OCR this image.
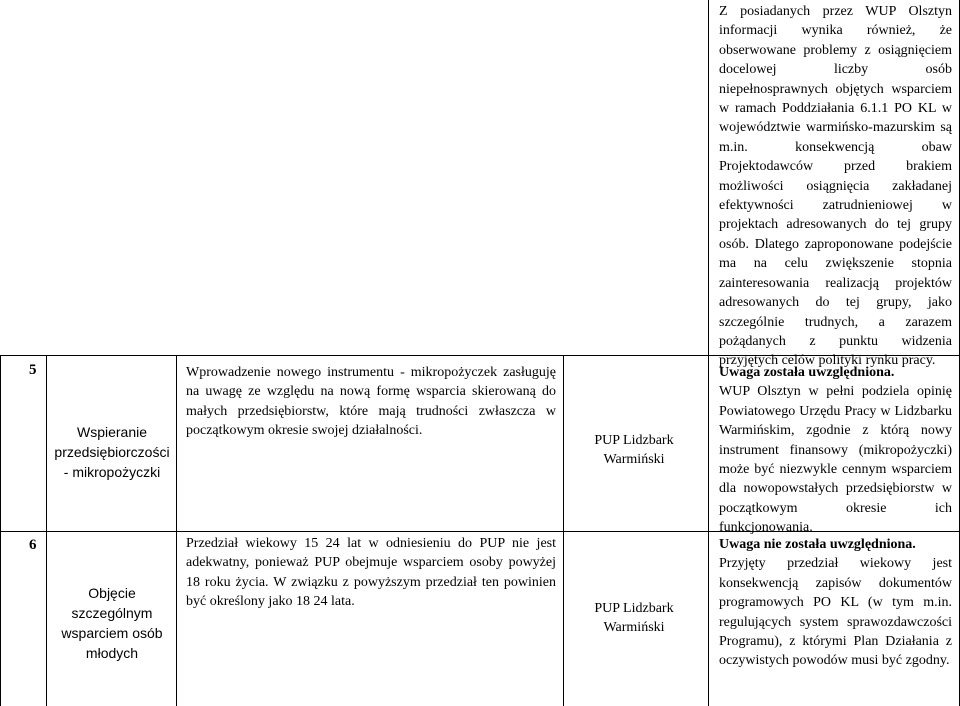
Z posiadanych przez WUP Olsztyn informacji wynika również, że obserwowane problemy z osiągnięciem docelowej liczby osób niepełnosprawnych objętych wsparciem w ramach Poddziałania 6.1.1 PO KL w województwie warmińsko-mazurskim są m.in. konsekwencją obaw Projektodawców przed brakiem możliwości osiągnięcia zakładanej efektywności zatrudnieniowej w projektach adresowanych do tej grupy osób. Dlatego zaproponowane podejście ma na celu zwiększenie stopnia zainteresowania realizacją projektów adresowanych do tej grupy, jako szczególnie trudnych, a zarazem pożądanych z punktu widzenia przyjętych celów polityki rynku pracy.
5
Wspieranie przedsiębiorczości - mikropożyczki
Wprowadzenie nowego instrumentu - mikropożyczek zasługuję na uwagę ze względu na nową formę wsparcia skierowaną do małych przedsiębiorstw, które mają trudności zwłaszcza w początkowym okresie swojej działalności.
PUP Lidzbark Warmiński
Uwaga została uwzględniona.
WUP Olsztyn w pełni podziela opinię Powiatowego Urzędu Pracy w Lidzbarku Warmińskim, zgodnie z którą nowy instrument finansowy (mikropożyczki) może być niezwykle cennym wsparciem dla nowopowstałych przedsiębiorstw w początkowym okresie ich funkcjonowania.
6
Objęcie szczególnym wsparciem osób młodych
Przedział wiekowy 15 24 lat w odniesieniu do PUP nie jest adekwatny, ponieważ PUP obejmuje wsparciem osoby powyżej 18 roku życia. W związku z powyższym przedział ten powinien być określony jako 18 24 lata.	PUP Lidzbark Warmiński
Uwaga nie została uwzględniona.
Przyjęty przedział wiekowy jest konsekwencją zapisów dokumentów programowych PO KL (w tym m.in. regulujących system sprawozdawczości Programu), z którymi Plan Działania z oczywistych powodów musi być zgodny.
